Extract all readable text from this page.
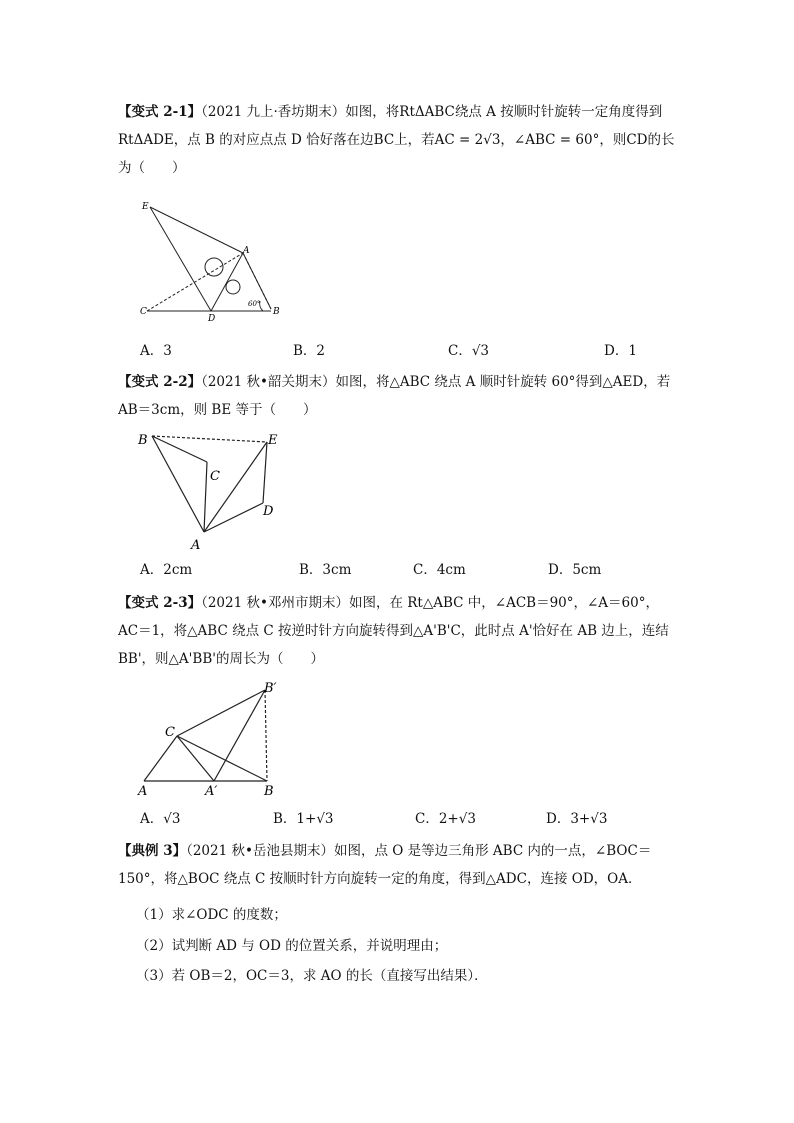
【变式 2-1】（2021 九上·香坊期末）如图，将RtΔABC绕点 A 按顺时针旋转一定角度得到 RtΔADE，点 B 的对应点点 D 恰好落在边BC上，若AC = 2√3，∠ABC = 60°，则CD的长为（　　）
E
A
C
D
B
60°
A．3	B．2	C．√3	D．1
【变式 2-2】（2021 秋•韶关期末）如图，将△ABC 绕点 A 顺时针旋转 60°得到△AED，若 AB＝3cm，则 BE 等于（　　）
B	E
C
D
A
A．2cm	B．3cm	C．4cm	D．5cm
【变式 2-3】（2021 秋•邓州市期末）如图，在 Rt△ABC 中，∠ACB＝90°，∠A＝60°，AC＝1，将△ABC 绕点 C 按逆时针方向旋转得到△A'B'C，此时点 A'恰好在 AB 边上，连结 BB'，则△A'BB'的周长为（　　）
B′
C
A	A′	B
A．√3	B．1+√3	C．2+√3	D．3+√3
【典例 3】（2021 秋•岳池县期末）如图，点 O 是等边三角形 ABC 内的一点，∠BOC＝150°，将△BOC 绕点 C 按顺时针方向旋转一定的角度，得到△ADC，连接 OD，OA．
（1）求∠ODC 的度数；
（2）试判断 AD 与 OD 的位置关系，并说明理由；
（3）若 OB＝2，OC＝3，求 AO 的长（直接写出结果）．
